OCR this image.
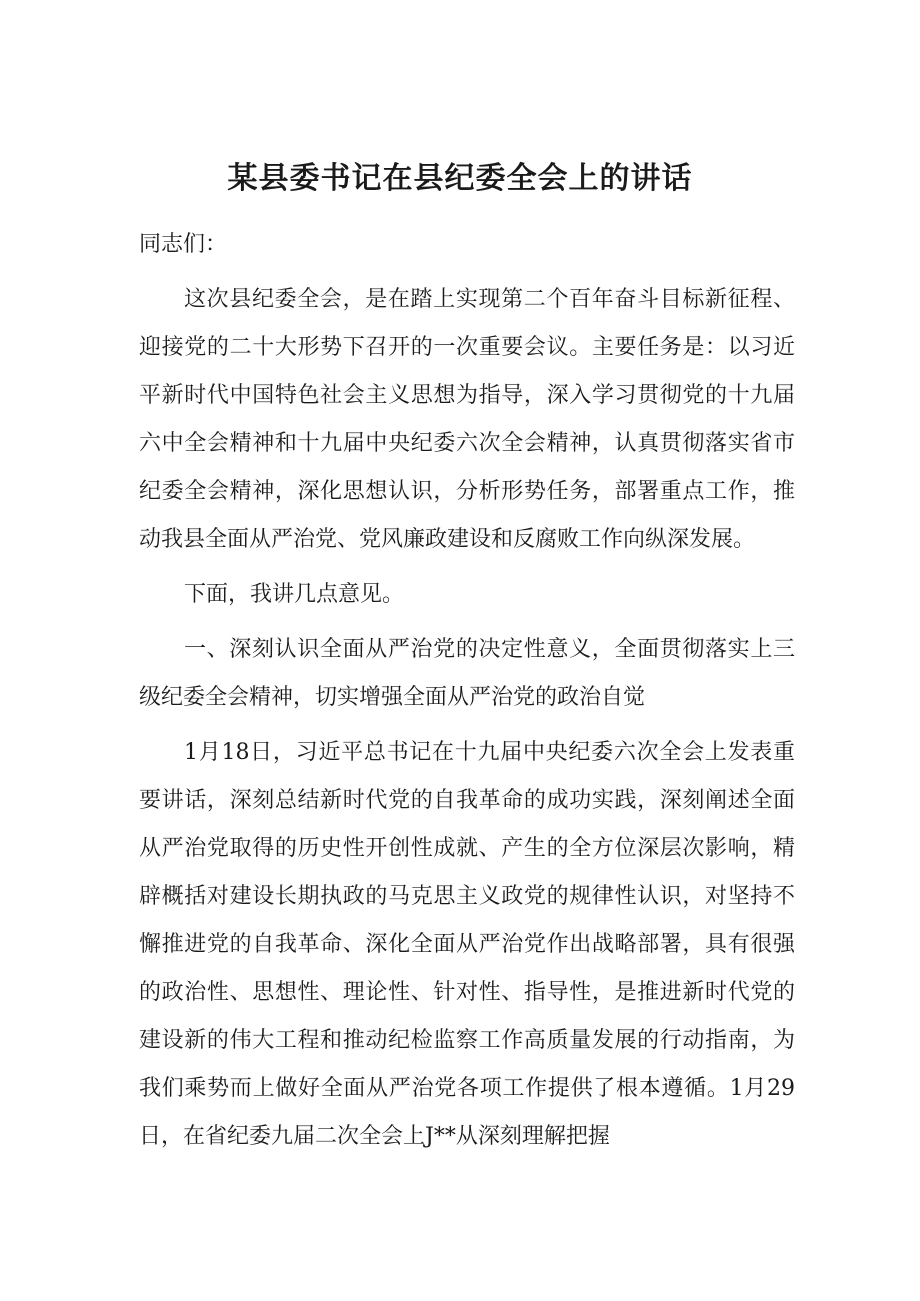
某县委书记在县纪委全会上的讲话

同志们：

这次县纪委全会，是在踏上实现第二个百年奋斗目标新征程、迎接党的二十大形势下召开的一次重要会议。主要任务是：以习近平新时代中国特色社会主义思想为指导，深入学习贯彻党的十九届六中全会精神和十九届中央纪委六次全会精神，认真贯彻落实省市纪委全会精神，深化思想认识，分析形势任务，部署重点工作，推动我县全面从严治党、党风廉政建设和反腐败工作向纵深发展。

下面，我讲几点意见。

一、深刻认识全面从严治党的决定性意义，全面贯彻落实上三级纪委全会精神，切实增强全面从严治党的政治自觉

1月18日，习近平总书记在十九届中央纪委六次全会上发表重要讲话，深刻总结新时代党的自我革命的成功实践，深刻阐述全面从严治党取得的历史性开创性成就、产生的全方位深层次影响，精辟概括对建设长期执政的马克思主义政党的规律性认识，对坚持不懈推进党的自我革命、深化全面从严治党作出战略部署，具有很强的政治性、思想性、理论性、针对性、指导性，是推进新时代党的建设新的伟大工程和推动纪检监察工作高质量发展的行动指南，为我们乘势而上做好全面从严治党各项工作提供了根本遵循。1月29日，在省纪委九届二次全会上J**从深刻理解把握
